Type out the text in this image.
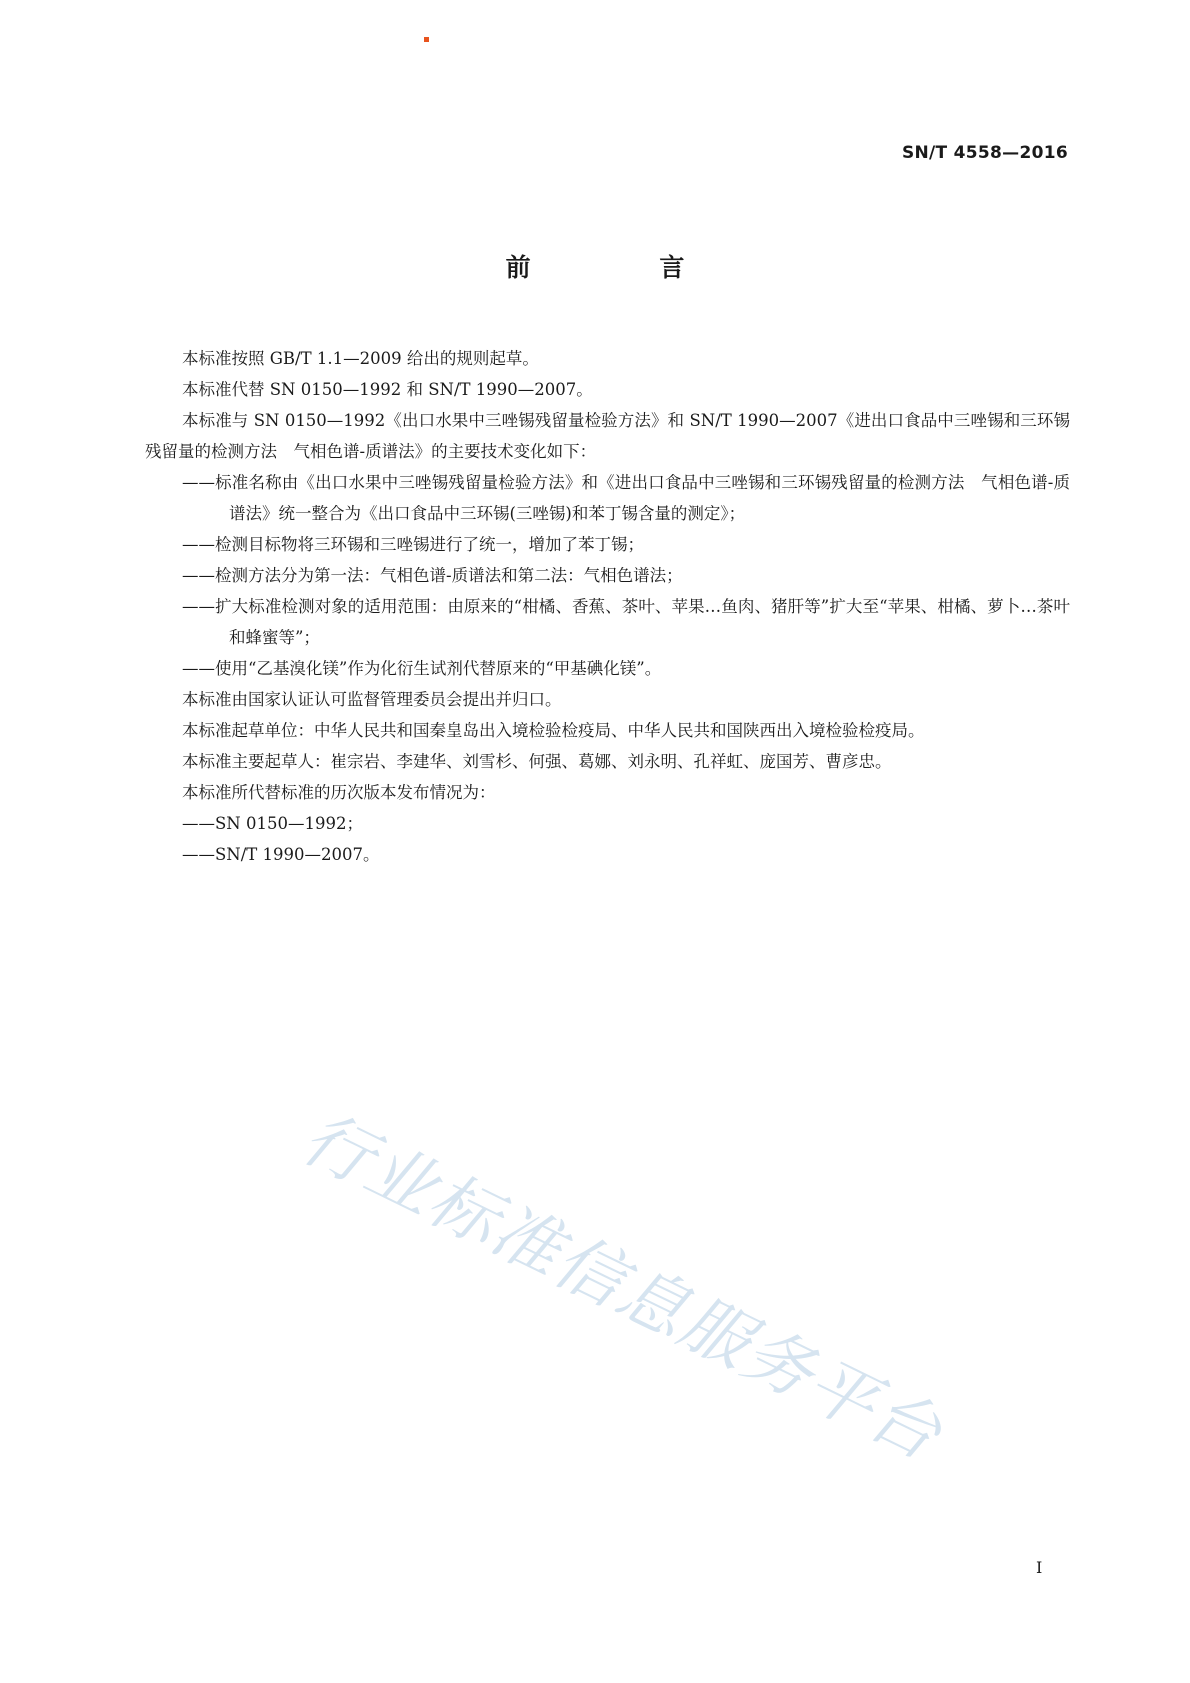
SN/T 4558—2016
前 言

本标准按照 GB/T 1.1—2009 给出的规则起草。

本标准代替 SN 0150—1992 和 SN/T 1990—2007。

本标准与 SN 0150—1992《出口水果中三唑锡残留量检验方法》和 SN/T 1990—2007《进出口食品中三唑锡和三环锡残留量的检测方法　气相色谱-质谱法》的主要技术变化如下：

——标准名称由《出口水果中三唑锡残留量检验方法》和《进出口食品中三唑锡和三环锡残留量的检测方法　气相色谱-质谱法》统一整合为《出口食品中三环锡(三唑锡)和苯丁锡含量的测定》；

——检测目标物将三环锡和三唑锡进行了统一，增加了苯丁锡；

——检测方法分为第一法：气相色谱-质谱法和第二法：气相色谱法；

——扩大标准检测对象的适用范围：由原来的“柑橘、香蕉、茶叶、苹果…鱼肉、猪肝等”扩大至“苹果、柑橘、萝卜…茶叶和蜂蜜等”；

——使用“乙基溴化镁”作为化衍生试剂代替原来的“甲基碘化镁”。

本标准由国家认证认可监督管理委员会提出并归口。

本标准起草单位：中华人民共和国秦皇岛出入境检验检疫局、中华人民共和国陕西出入境检验检疫局。

本标准主要起草人：崔宗岩、李建华、刘雪杉、何强、葛娜、刘永明、孔祥虹、庞国芳、曹彦忠。

本标准所代替标准的历次版本发布情况为：

——SN 0150—1992；

——SN/T 1990—2007。

行业标准信息服务平台
I
